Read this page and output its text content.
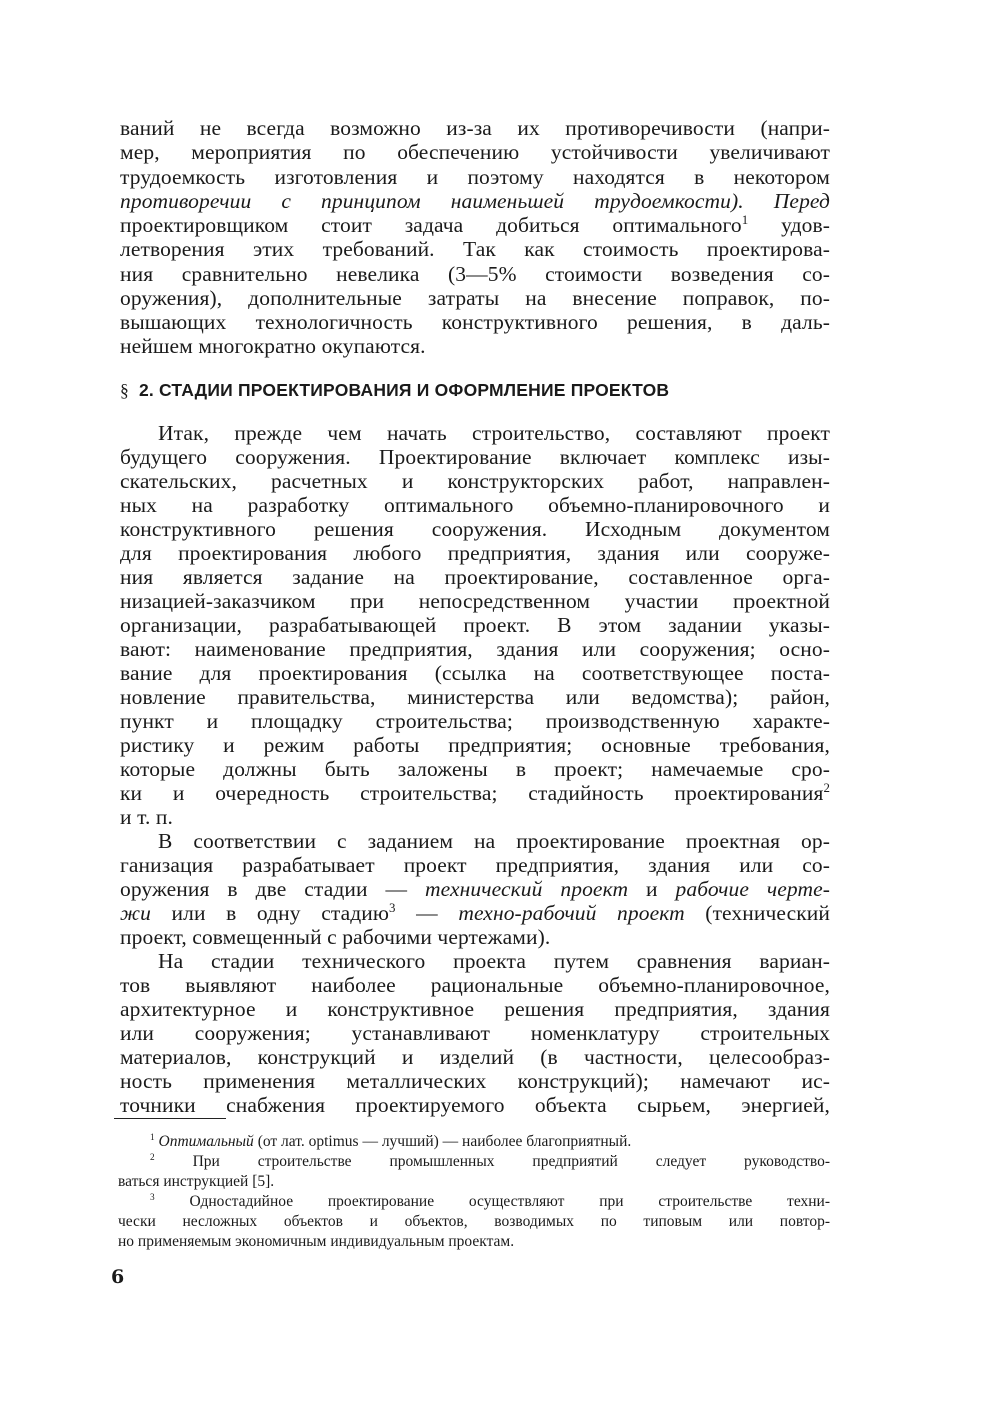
ваний не всегда возможно из-за их противоречивости (напри-
мер, мероприятия по обеспечению устойчивости увеличивают
трудоемкость изготовления и поэтому находятся в некотором
противоречии с принципом наименьшей трудоемкости). Перед
проектировщиком стоит задача добиться оптимального$^1$ удов-
летворения этих требований. Так как стоимость проектирова-
ния сравнительно невелика (3—5% стоимости возведения со-
оружения), дополнительные затраты на внесение поправок, по-
вышающих технологичность конструктивного решения, в даль-
нейшем многократно окупаются.
§ 2. СТАДИИ ПРОЕКТИРОВАНИЯ И ОФОРМЛЕНИЕ ПРОЕКТОВ
Итак, прежде чем начать строительство, составляют проект
будущего сооружения. Проектирование включает комплекс изы-
скательских, расчетных и конструкторских работ, направлен-
ных на разработку оптимального объемно-планировочного и
конструктивного решения сооружения. Исходным документом
для проектирования любого предприятия, здания или сооруже-
ния является задание на проектирование, составленное орга-
низацией-заказчиком при непосредственном участии проектной
организации, разрабатывающей проект. В этом задании указы-
вают: наименование предприятия, здания или сооружения; осно-
вание для проектирования (ссылка на соответствующее поста-
новление правительства, министерства или ведомства); район,
пункт и площадку строительства; производственную характе-
ристику и режим работы предприятия; основные требования,
которые должны быть заложены в проект; намечаемые сро-
ки и очередность строительства; стадийность проектирования$^2$
и т. п.
В соответствии с заданием на проектирование проектная ор-
ганизация разрабатывает проект предприятия, здания или со-
оружения в две стадии — технический проект и рабочие черте-
жи или в одну стадию$^3$ — техно-рабочий проект (технический
проект, совмещенный с рабочими чертежами).
На стадии технического проекта путем сравнения вариан-
тов выявляют наиболее рациональные объемно-планировочное,
архитектурное и конструктивное решения предприятия, здания
или сооружения; устанавливают номенклатуру строительных
материалов, конструкций и изделий (в частности, целесообраз-
ность применения металлических конструкций); намечают ис-
точники снабжения проектируемого объекта сырьем, энергией,
$^1$ Оптимальный (от лат. optimus — лучший) — наиболее благоприятный.
$^2$ При строительстве промышленных предприятий следует руководство-
ваться инструкцией [5].
$^3$ Одностадийное проектирование осуществляют при строительстве техни-
чески несложных объектов и объектов, возводимых по типовым или повтор-
но применяемым экономичным индивидуальным проектам.
6
